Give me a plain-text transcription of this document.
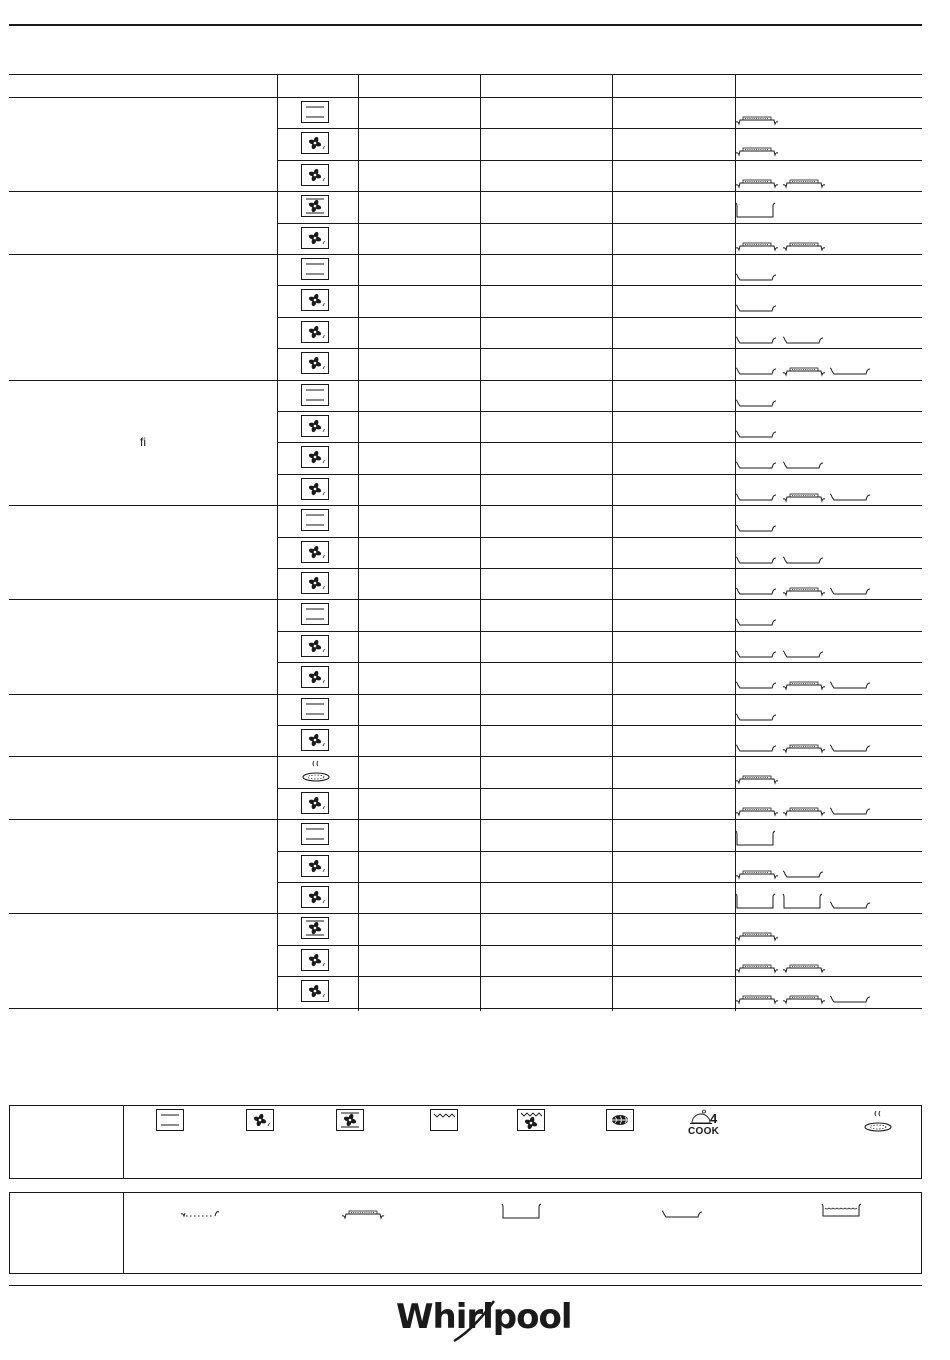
fi
4
COOK
Whirlpool
